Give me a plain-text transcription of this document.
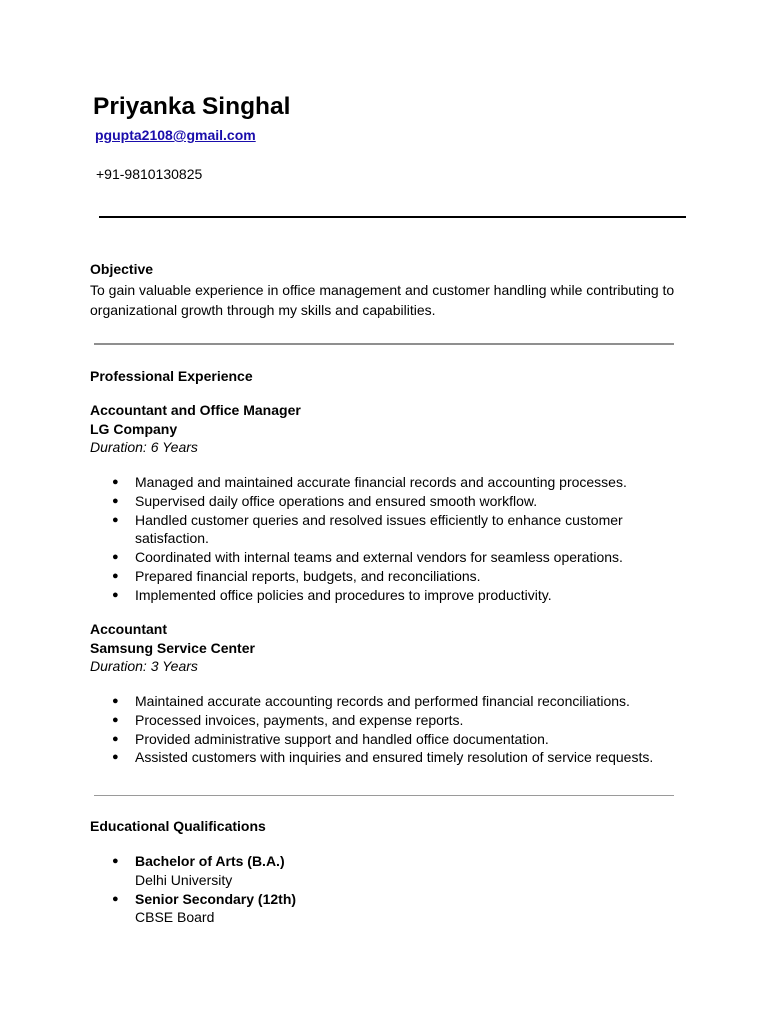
Priyanka Singhal
pgupta2108@gmail.com
+91-9810130825
Objective
To gain valuable experience in office management and customer handling while contributing to organizational growth through my skills and capabilities.
Professional Experience
Accountant and Office Manager
LG Company
Duration: 6 Years
● Managed and maintained accurate financial records and accounting processes.
● Supervised daily office operations and ensured smooth workflow.
● Handled customer queries and resolved issues efficiently to enhance customer satisfaction.
● Coordinated with internal teams and external vendors for seamless operations.
● Prepared financial reports, budgets, and reconciliations.
● Implemented office policies and procedures to improve productivity.
Accountant
Samsung Service Center
Duration: 3 Years
● Maintained accurate accounting records and performed financial reconciliations.
● Processed invoices, payments, and expense reports.
● Provided administrative support and handled office documentation.
● Assisted customers with inquiries and ensured timely resolution of service requests.
Educational Qualifications
● Bachelor of Arts (B.A.)
Delhi University
● Senior Secondary (12th)
CBSE Board
